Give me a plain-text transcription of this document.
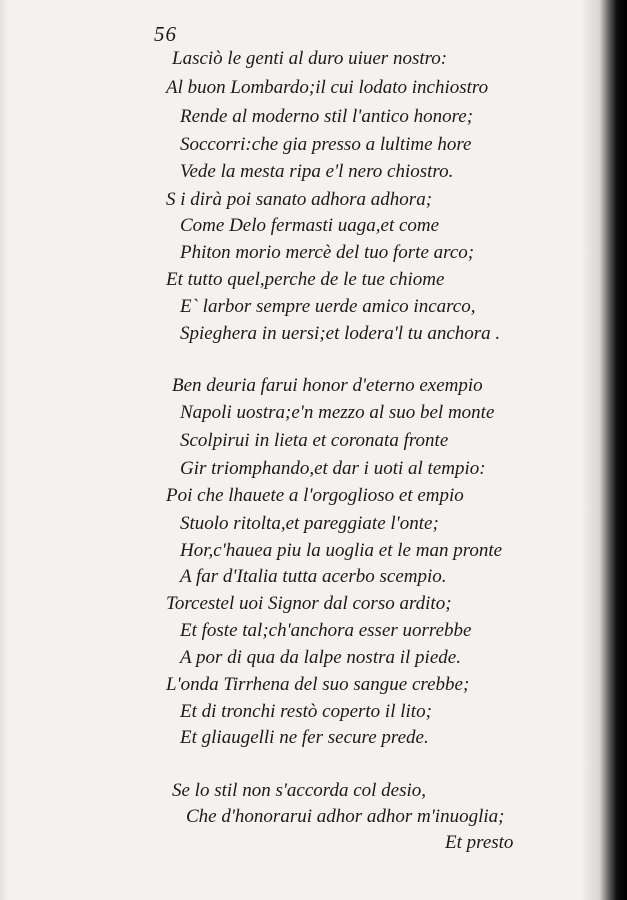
56
Lasciò le genti al duro uiuer nostro:
Al buon Lombardo;il cui lodato inchiostro
Rende al moderno stil l'antico honore;
Soccorri:che gia presso a lultime hore
Vede la mesta ripa e'l nero chiostro.
S i dirà poi sanato adhora adhora;
Come Delo fermasti uaga,et come
Phiton morio mercè del tuo forte arco;
Et tutto quel,perche de le tue chiome
E` larbor sempre uerde amico incarco,
Spieghera in uersi;et lodera'l tu anchora .
Ben deuria farui honor d'eterno exempio
Napoli uostra;e'n mezzo al suo bel monte
Scolpirui in lieta et coronata fronte
Gir triomphando,et dar i uoti al tempio:
Poi che lhauete a l'orgoglioso et empio
Stuolo ritolta,et pareggiate l'onte;
Hor,c'hauea piu la uoglia et le man pronte
A far d'Italia tutta acerbo scempio.
Torcestel uoi Signor dal corso ardito;
Et foste tal;ch'anchora esser uorrebbe
A por di qua da lalpe nostra il piede.
L'onda Tirrhena del suo sangue crebbe;
Et di tronchi restò coperto il lito;
Et gliaugelli ne fer secure prede.
Se lo stil non s'accorda col desio,
Che d'honorarui adhor adhor m'inuoglia;
Et presto
